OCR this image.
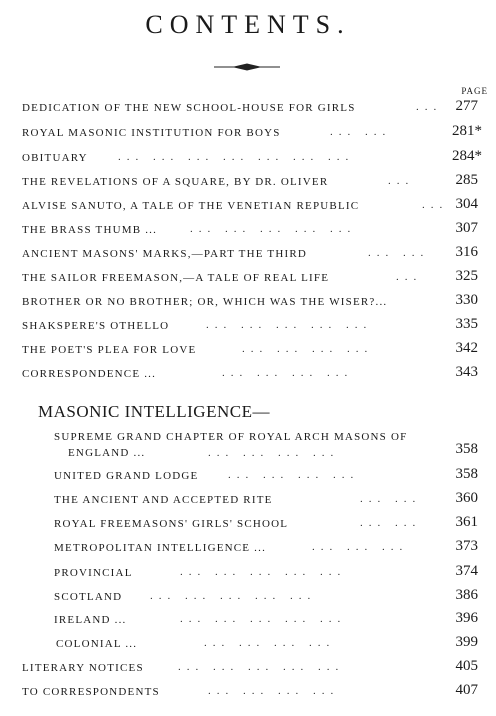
CONTENTS.
PAGE
DEDICATION OF THE NEW SCHOOL-HOUSE FOR GIRLS	... 277
ROYAL MASONIC INSTITUTION FOR BOYS	... ...	281*
OBITUARY	... ... ... ... ... ... ...	284*
THE REVELATIONS OF A SQUARE, BY DR. OLIVER	...	285
ALVISE SANUTO, A TALE OF THE VENETIAN REPUBLIC	... 304
THE BRASS THUMB ...	... ... ... ... ...	307
ANCIENT MASONS' MARKS,—PART THE THIRD	... ...	316
THE SAILOR FREEMASON,—A TALE OF REAL LIFE	...	325
BROTHER OR NO BROTHER; OR, WHICH WAS THE WISER?...	330
SHAKSPERE'S OTHELLO	... ... ... ... ...	335
THE POET'S PLEA FOR LOVE	... ... ... ...	342
CORRESPONDENCE ...	... ... ... ...	343
MASONIC INTELLIGENCE—
SUPREME GRAND CHAPTER OF ROYAL ARCH MASONS OF
ENGLAND ...	... ... ... ...	358
UNITED GRAND LODGE	... ... ... ...	358
THE ANCIENT AND ACCEPTED RITE	... ...	360
ROYAL FREEMASONS' GIRLS' SCHOOL	... ...	361
METROPOLITAN INTELLIGENCE ...	... ... ...	373
PROVINCIAL	... ... ... ... ...	374
SCOTLAND	... ... ... ... ...	386
IRELAND ...	... ... ... ... ...	396
COLONIAL ...	... ... ... ...	399
LITERARY NOTICES	... ... ... ... ...	405
TO CORRESPONDENTS	... ... ... ...	407
